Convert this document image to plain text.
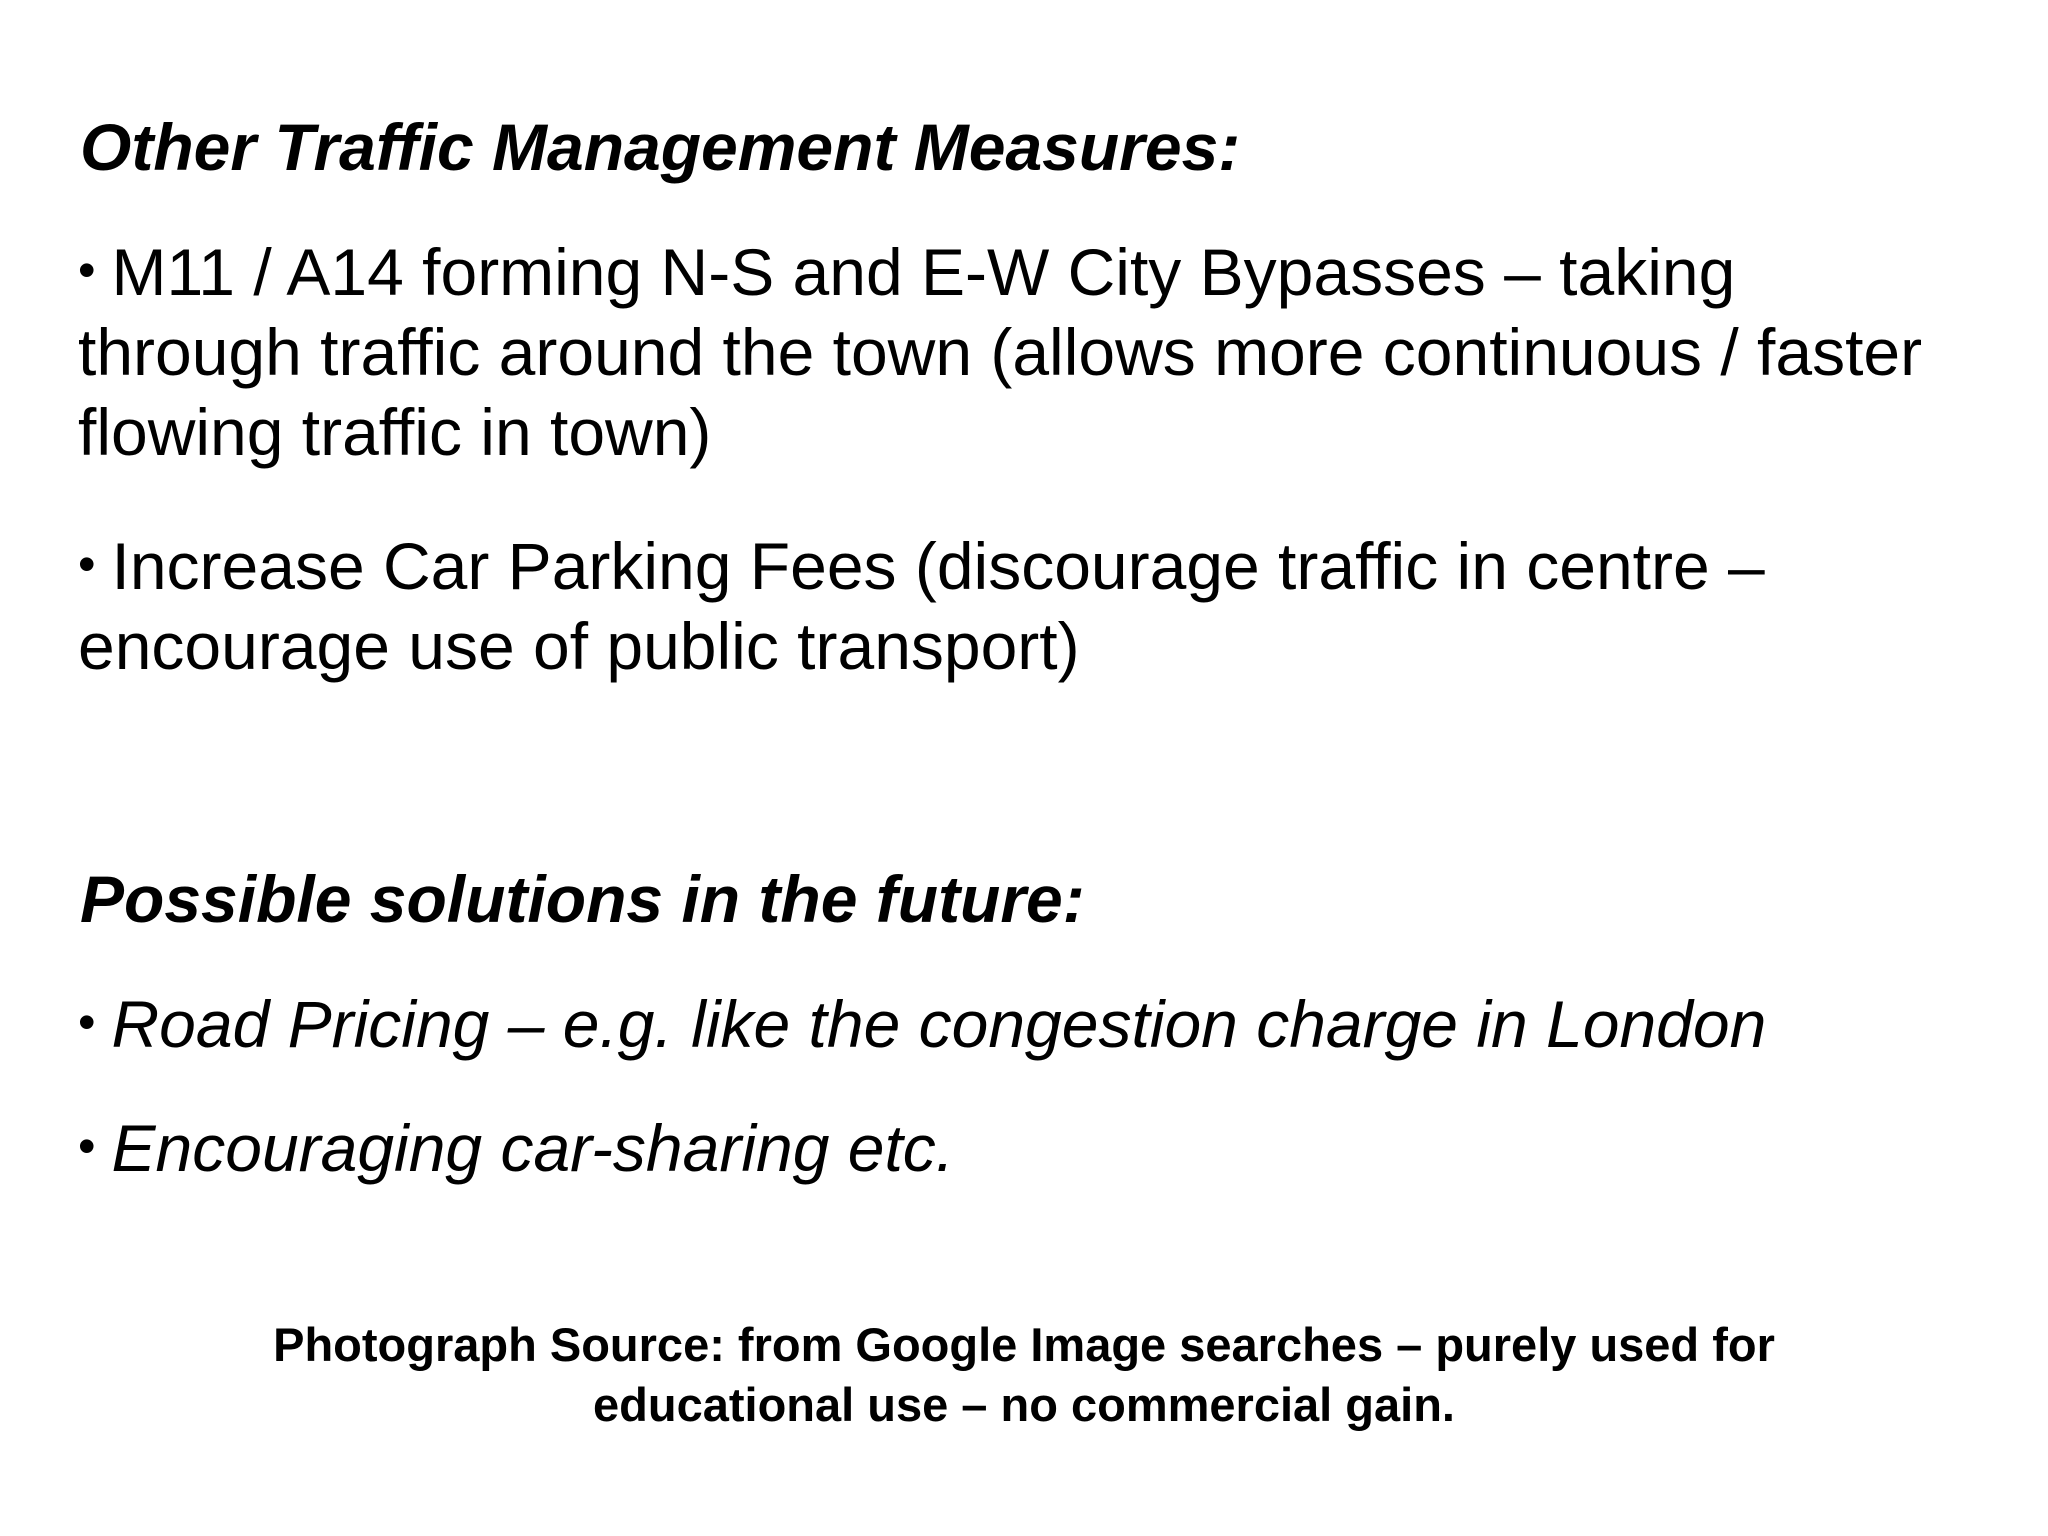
Other Traffic Management Measures:

• M11 / A14 forming N-S and E-W City Bypasses – taking through traffic around the town (allows more continuous / faster flowing traffic in town)

• Increase Car Parking Fees (discourage traffic in centre – encourage use of public transport)

Possible solutions in the future:

• Road Pricing – e.g. like the congestion charge in London

• Encouraging car-sharing etc.

Photograph Source: from Google Image searches – purely used for
educational use – no commercial gain.
